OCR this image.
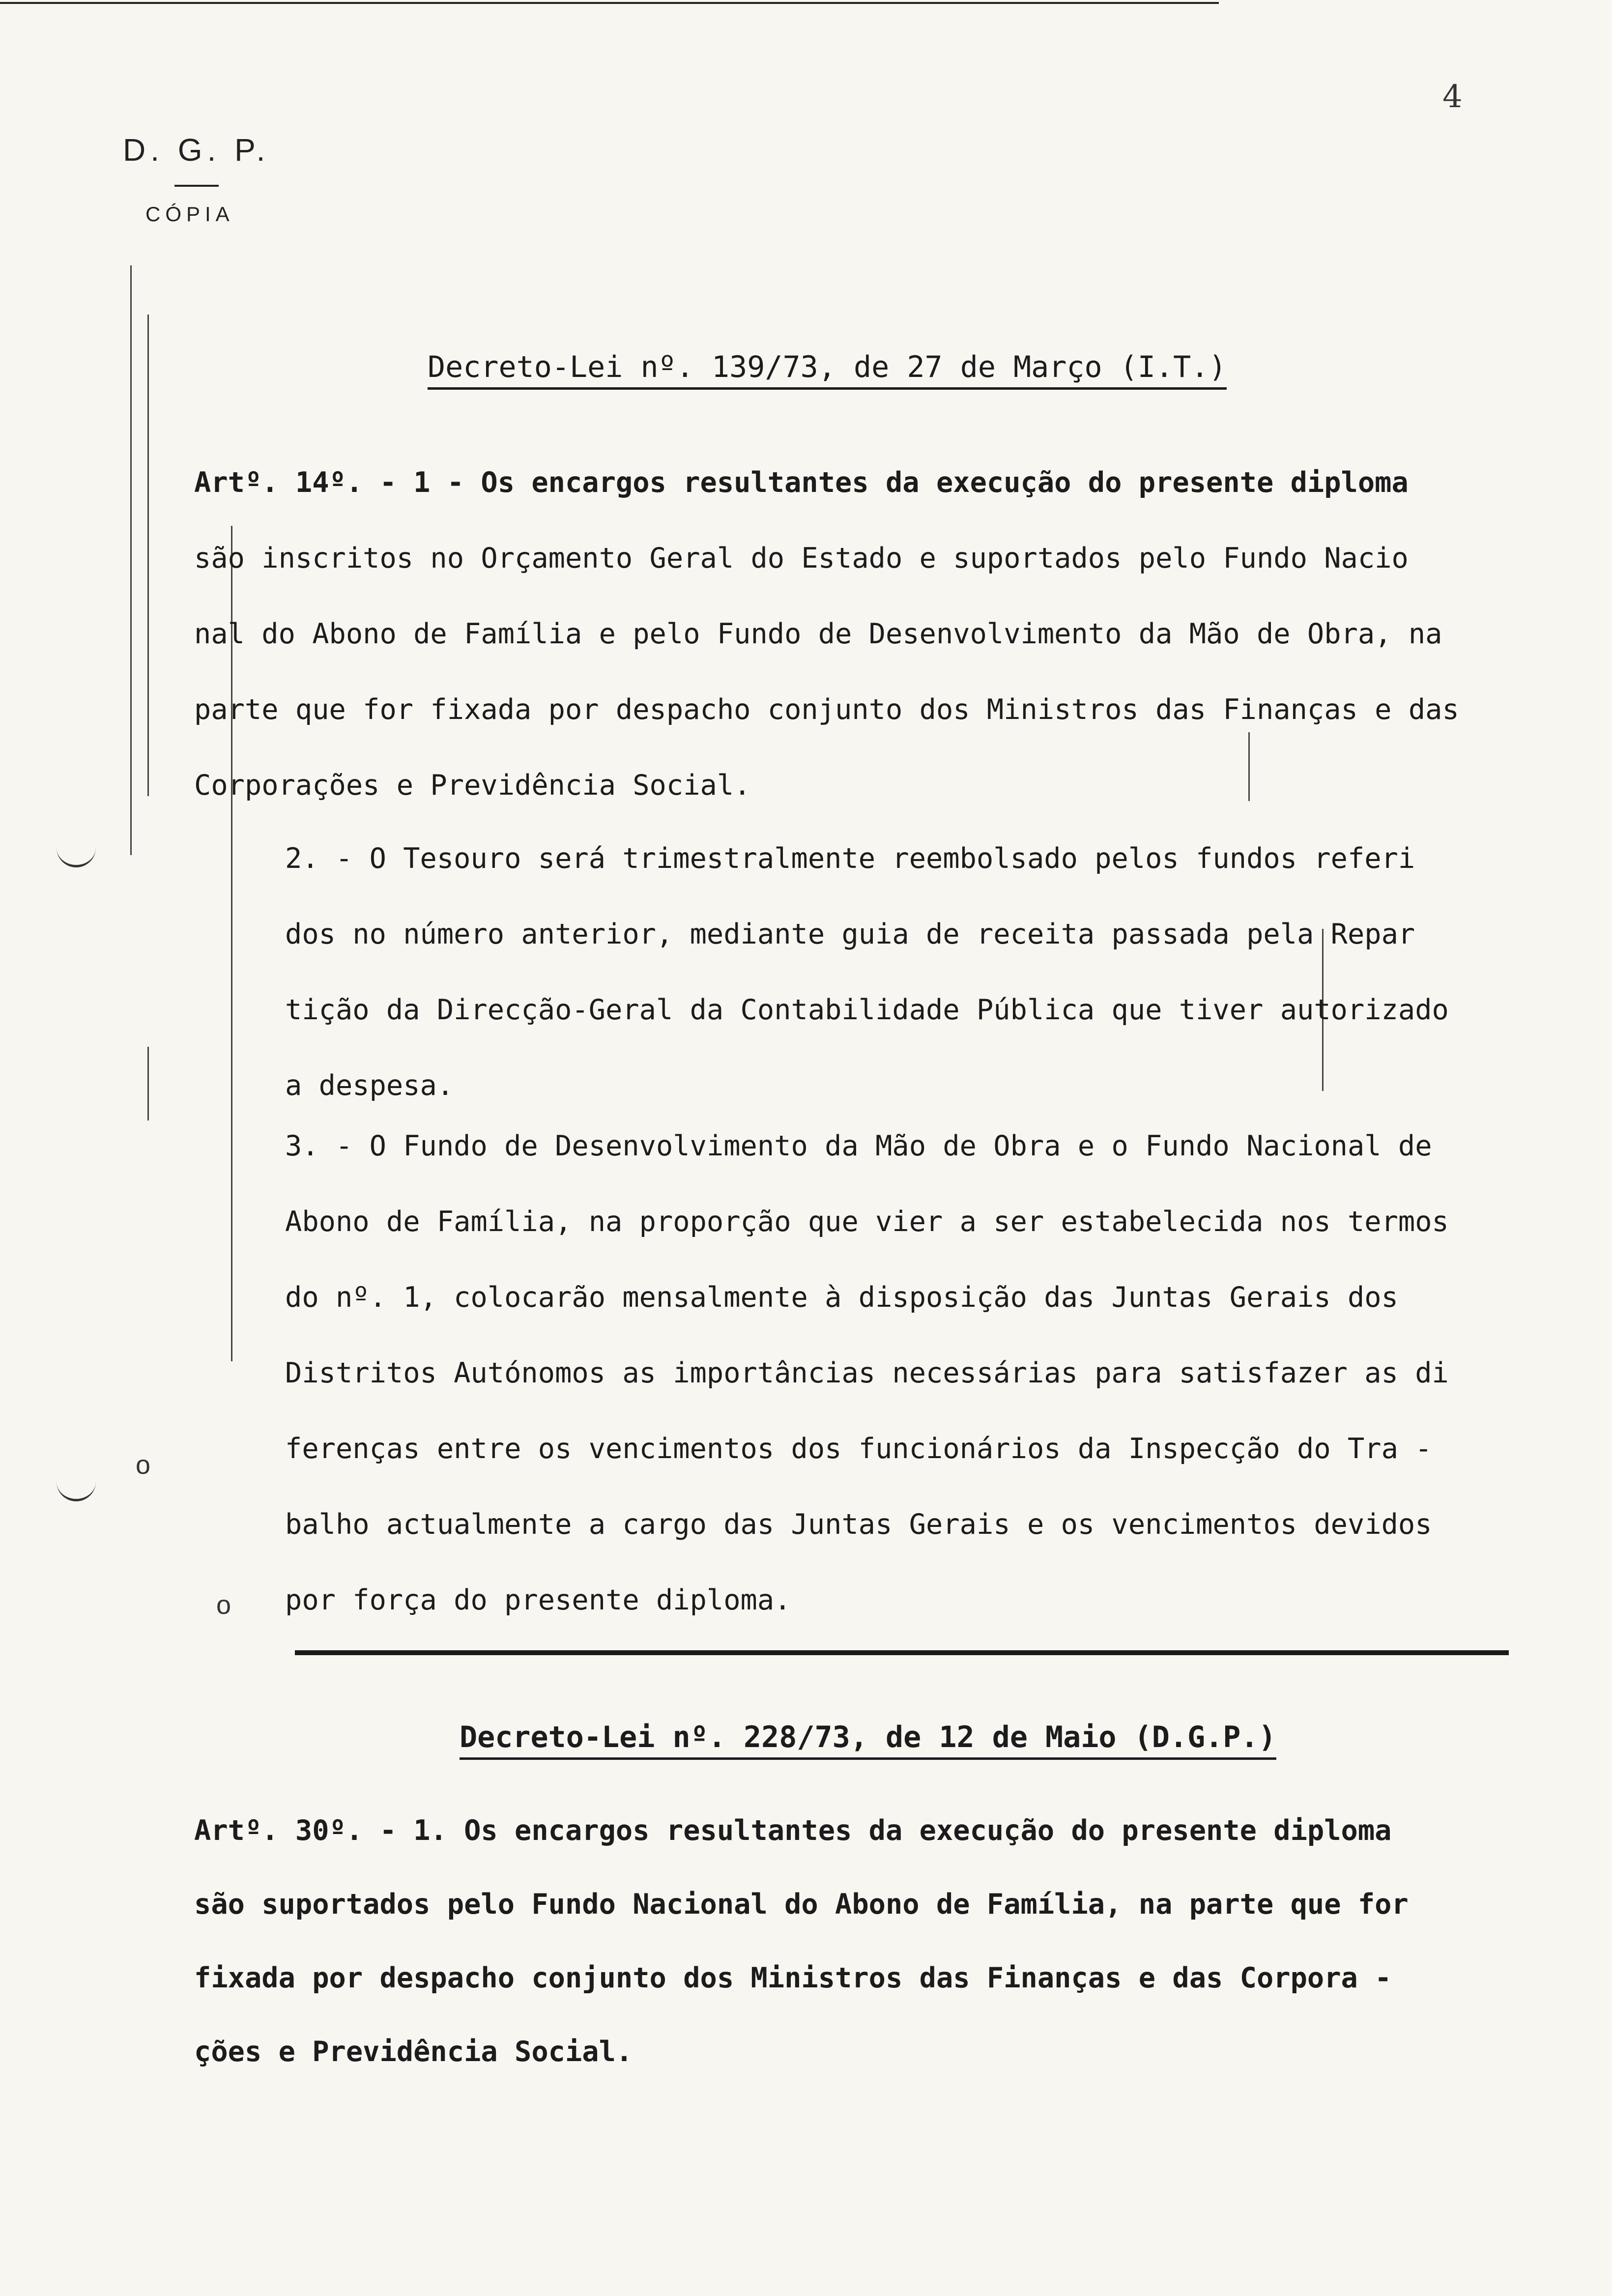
4
D. G. P.
CÓPIA
o
o
Decreto-Lei nº. 139/73, de 27 de Março (I.T.)
Artº. 14º. - 1 - Os encargos resultantes da execução do presente diploma
são inscritos no Orçamento Geral do Estado e suportados pelo Fundo Nacio
nal do Abono de Família e pelo Fundo de Desenvolvimento da Mão de Obra, na
parte que for fixada por despacho conjunto dos Ministros das Finanças e das
Corporações e Previdência Social.
2. - O Tesouro será trimestralmente reembolsado pelos fundos referi
dos no número anterior, mediante guia de receita passada pela Repar
tição da Direcção-Geral da Contabilidade Pública que tiver autorizado
a despesa.
3. - O Fundo de Desenvolvimento da Mão de Obra e o Fundo Nacional de
Abono de Família, na proporção que vier a ser estabelecida nos termos
do nº. 1, colocarão mensalmente à disposição das Juntas Gerais dos
Distritos Autónomos as importâncias necessárias para satisfazer as di
ferenças entre os vencimentos dos funcionários da Inspecção do Tra -
balho actualmente a cargo das Juntas Gerais e os vencimentos devidos
por força do presente diploma.
Decreto-Lei nº. 228/73, de 12 de Maio (D.G.P.)
Artº. 30º. - 1. Os encargos resultantes da execução do presente diploma
são suportados pelo Fundo Nacional do Abono de Família, na parte que for
fixada por despacho conjunto dos Ministros das Finanças e das Corpora -
ções e Previdência Social.
